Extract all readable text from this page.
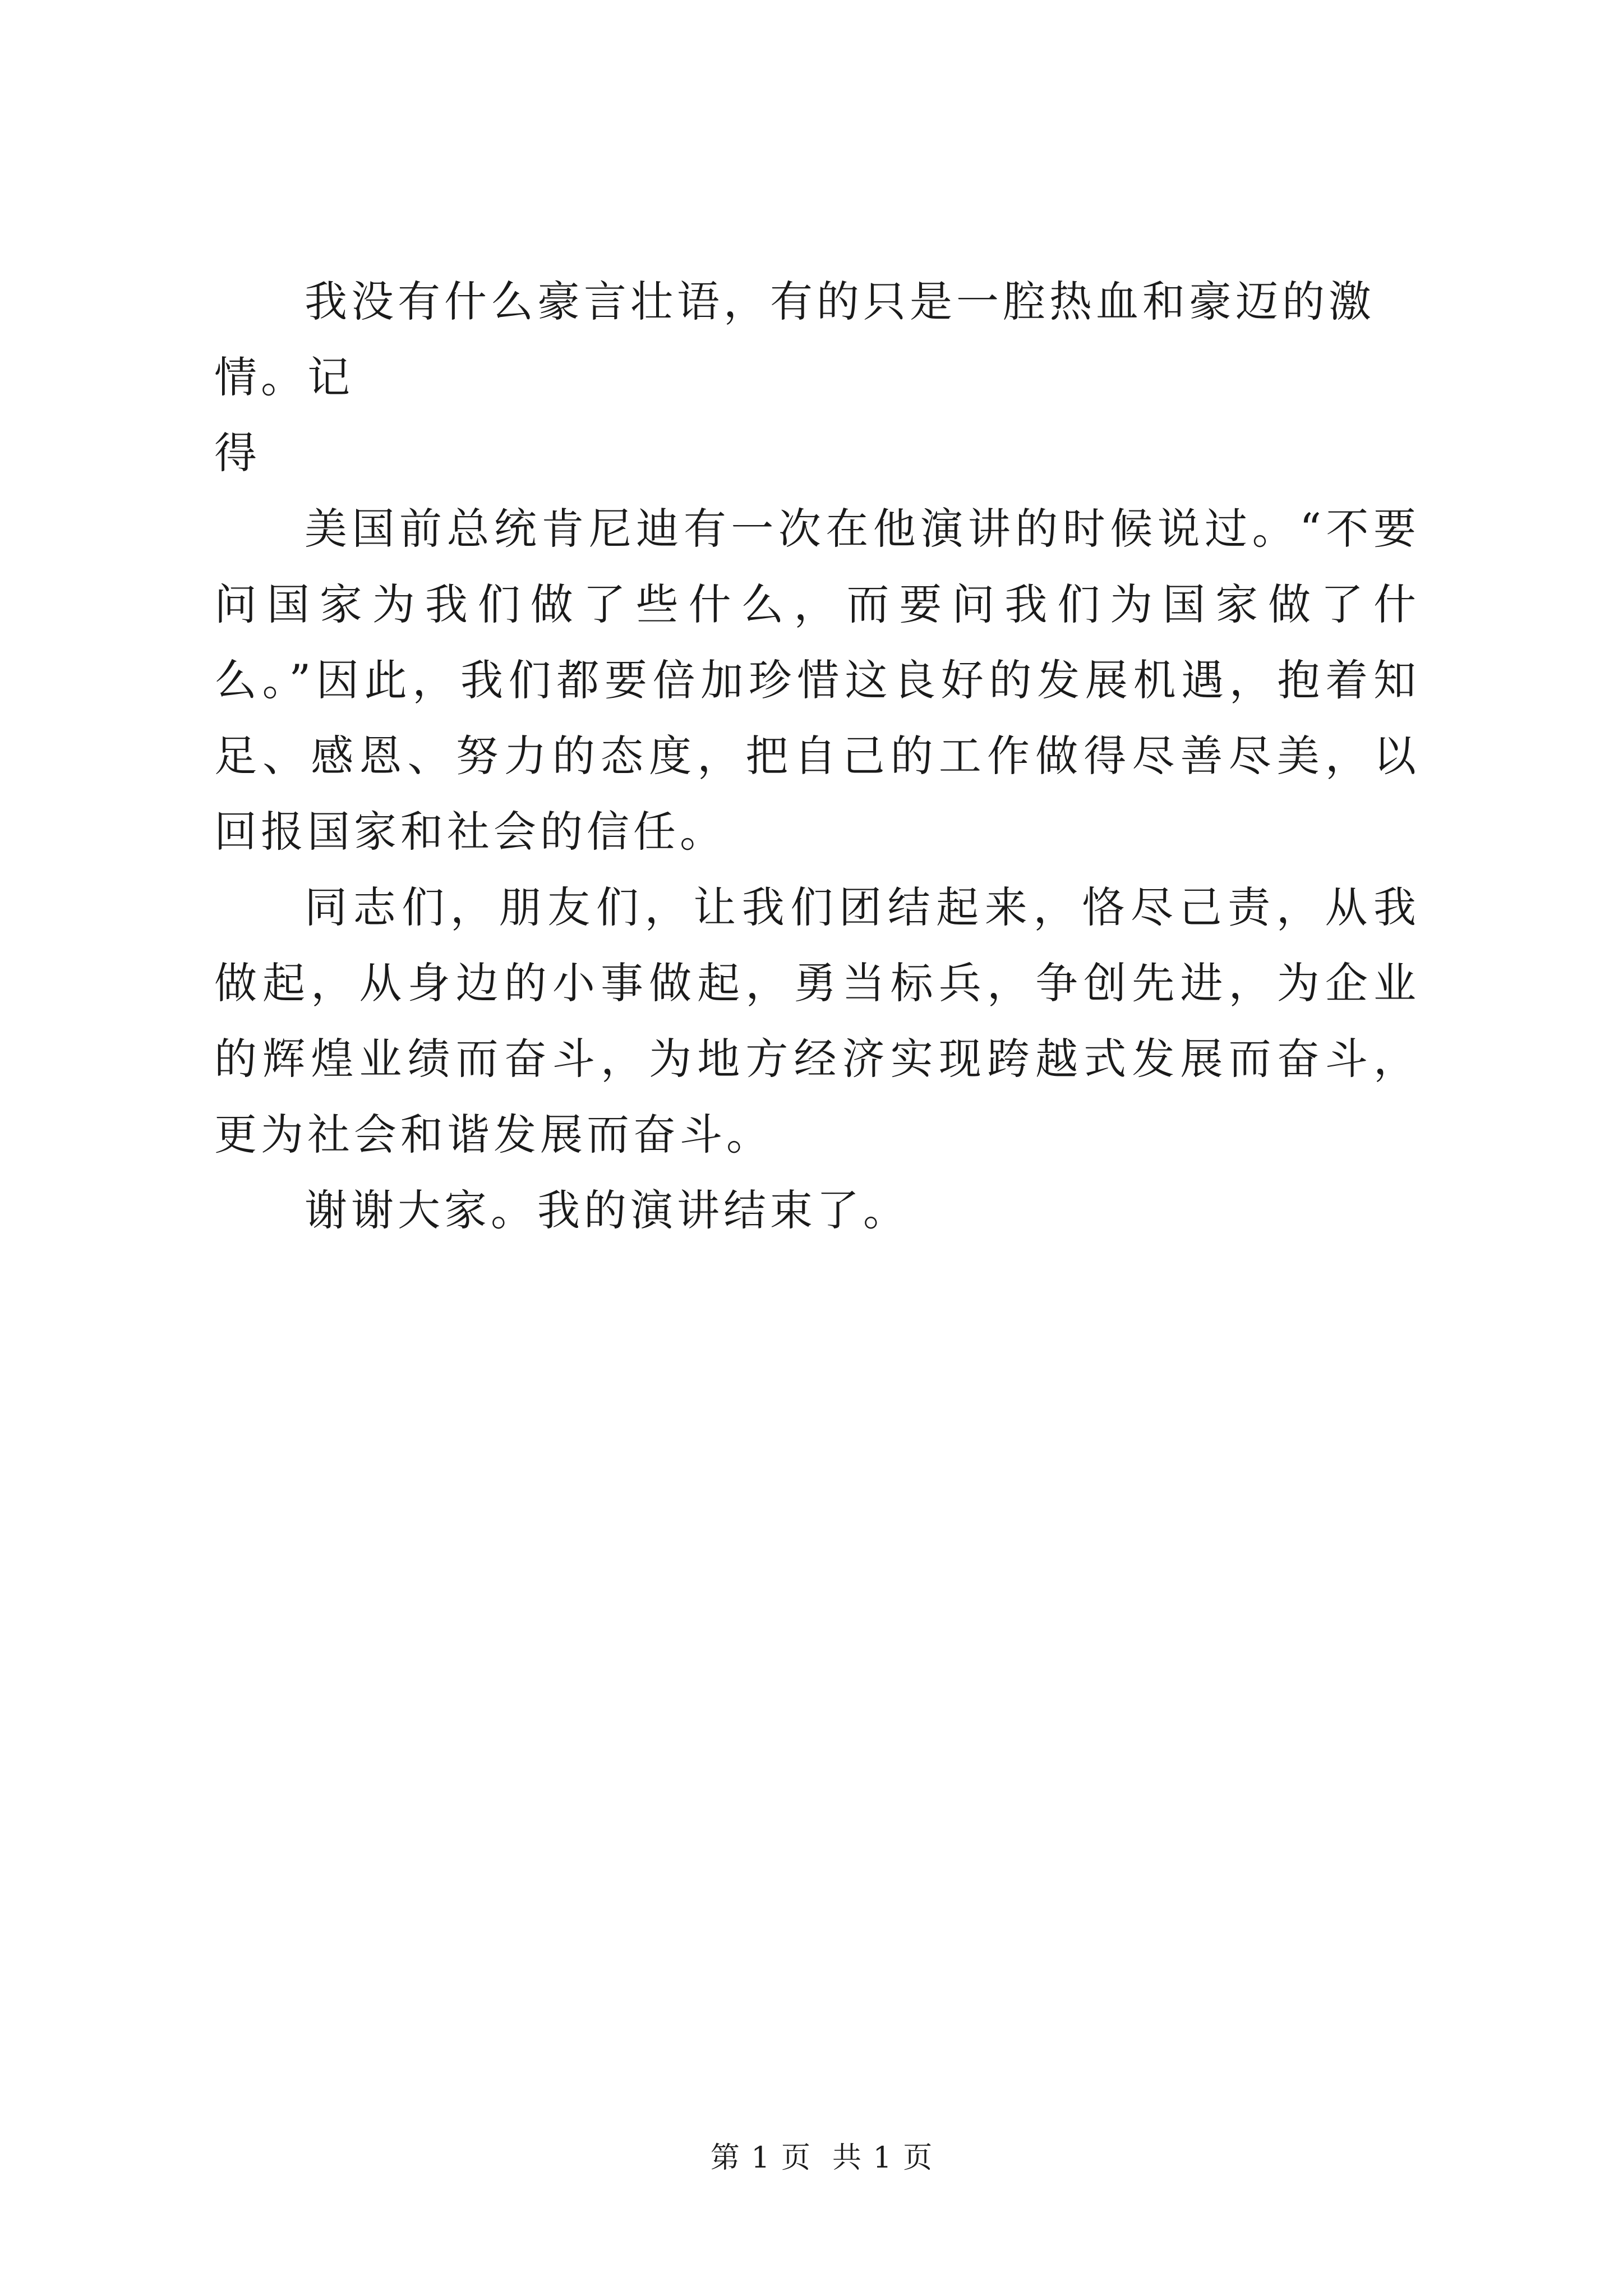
我没有什么豪言壮语，有的只是一腔热血和豪迈的激情。记
得

美国前总统肯尼迪有一次在他演讲的时候说过。“不要问国家为我们做了些什么，而要问我们为国家做了什么。”因此，我们都要倍加珍惜这良好的发展机遇，抱着知足、感恩、努力的态度，把自己的工作做得尽善尽美，以回报国家和社会的信任。

同志们，朋友们，让我们团结起来，恪尽己责，从我做起，从身边的小事做起，勇当标兵，争创先进，为企业的辉煌业绩而奋斗，为地方经济实现跨越式发展而奋斗，更为社会和谐发展而奋斗。

谢谢大家。我的演讲结束了。

第 1 页  共 1 页
